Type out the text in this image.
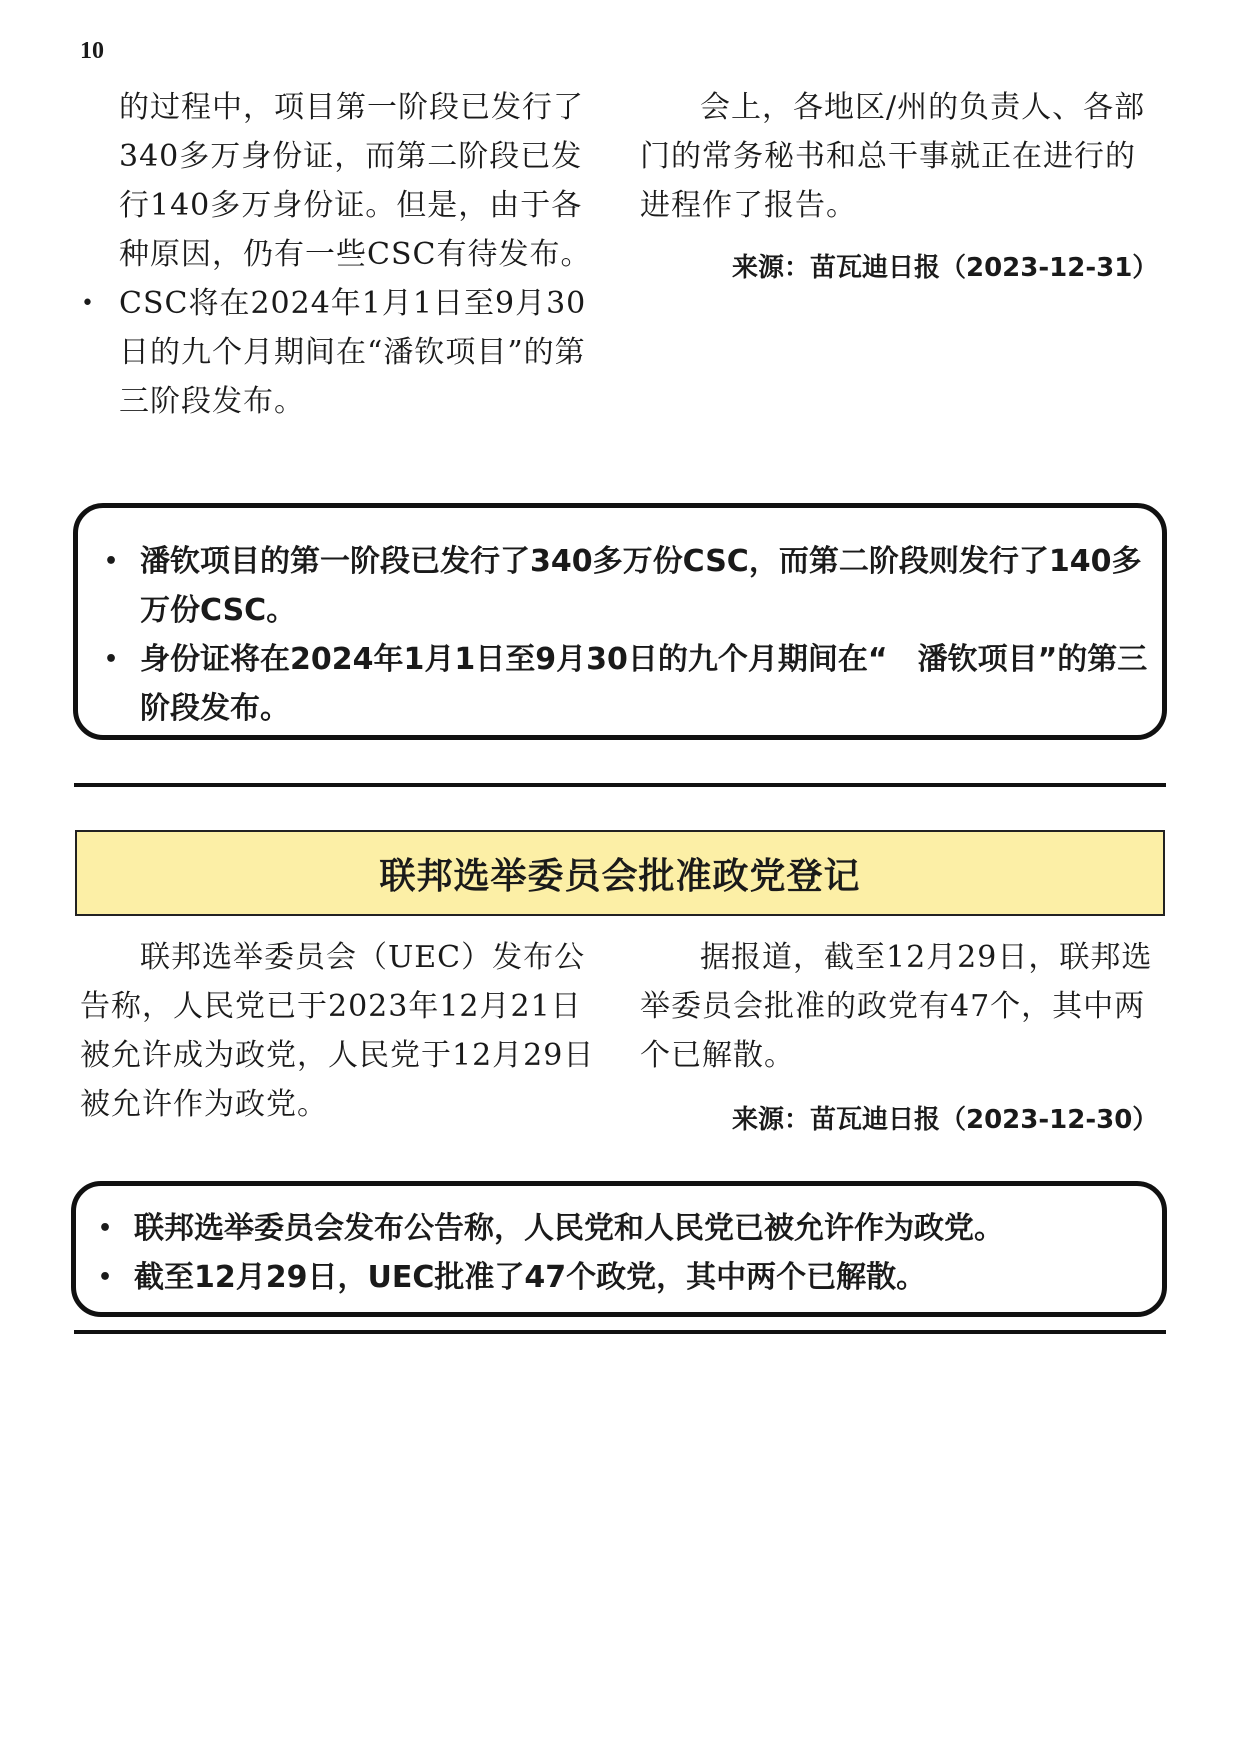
10

的过程中，项目第一阶段已发行了340多万身份证，而第二阶段已发行140多万身份证。但是，由于各种原因，仍有一些CSC有待发布。

• CSC将在2024年1月1日至9月30日的九个月期间在“潘钦项目”的第三阶段发布。

会上，各地区/州的负责人、各部门的常务秘书和总干事就正在进行的进程作了报告。

来源：苗瓦迪日报（2023-12-31）
• 潘钦项目的第一阶段已发行了340多万份CSC，而第二阶段则发行了140多万份CSC。
• 身份证将在2024年1月1日至9月30日的九个月期间在“　潘钦项目”的第三阶段发布。
联邦选举委员会批准政党登记

联邦选举委员会（UEC）发布公告称，人民党已于2023年12月21日被允许成为政党，人民党于12月29日被允许作为政党。

据报道，截至12月29日，联邦选举委员会批准的政党有47个，其中两个已解散。

来源：苗瓦迪日报（2023-12-30）
• 联邦选举委员会发布公告称，人民党和人民党已被允许作为政党。
• 截至12月29日，UEC批准了47个政党，其中两个已解散。
